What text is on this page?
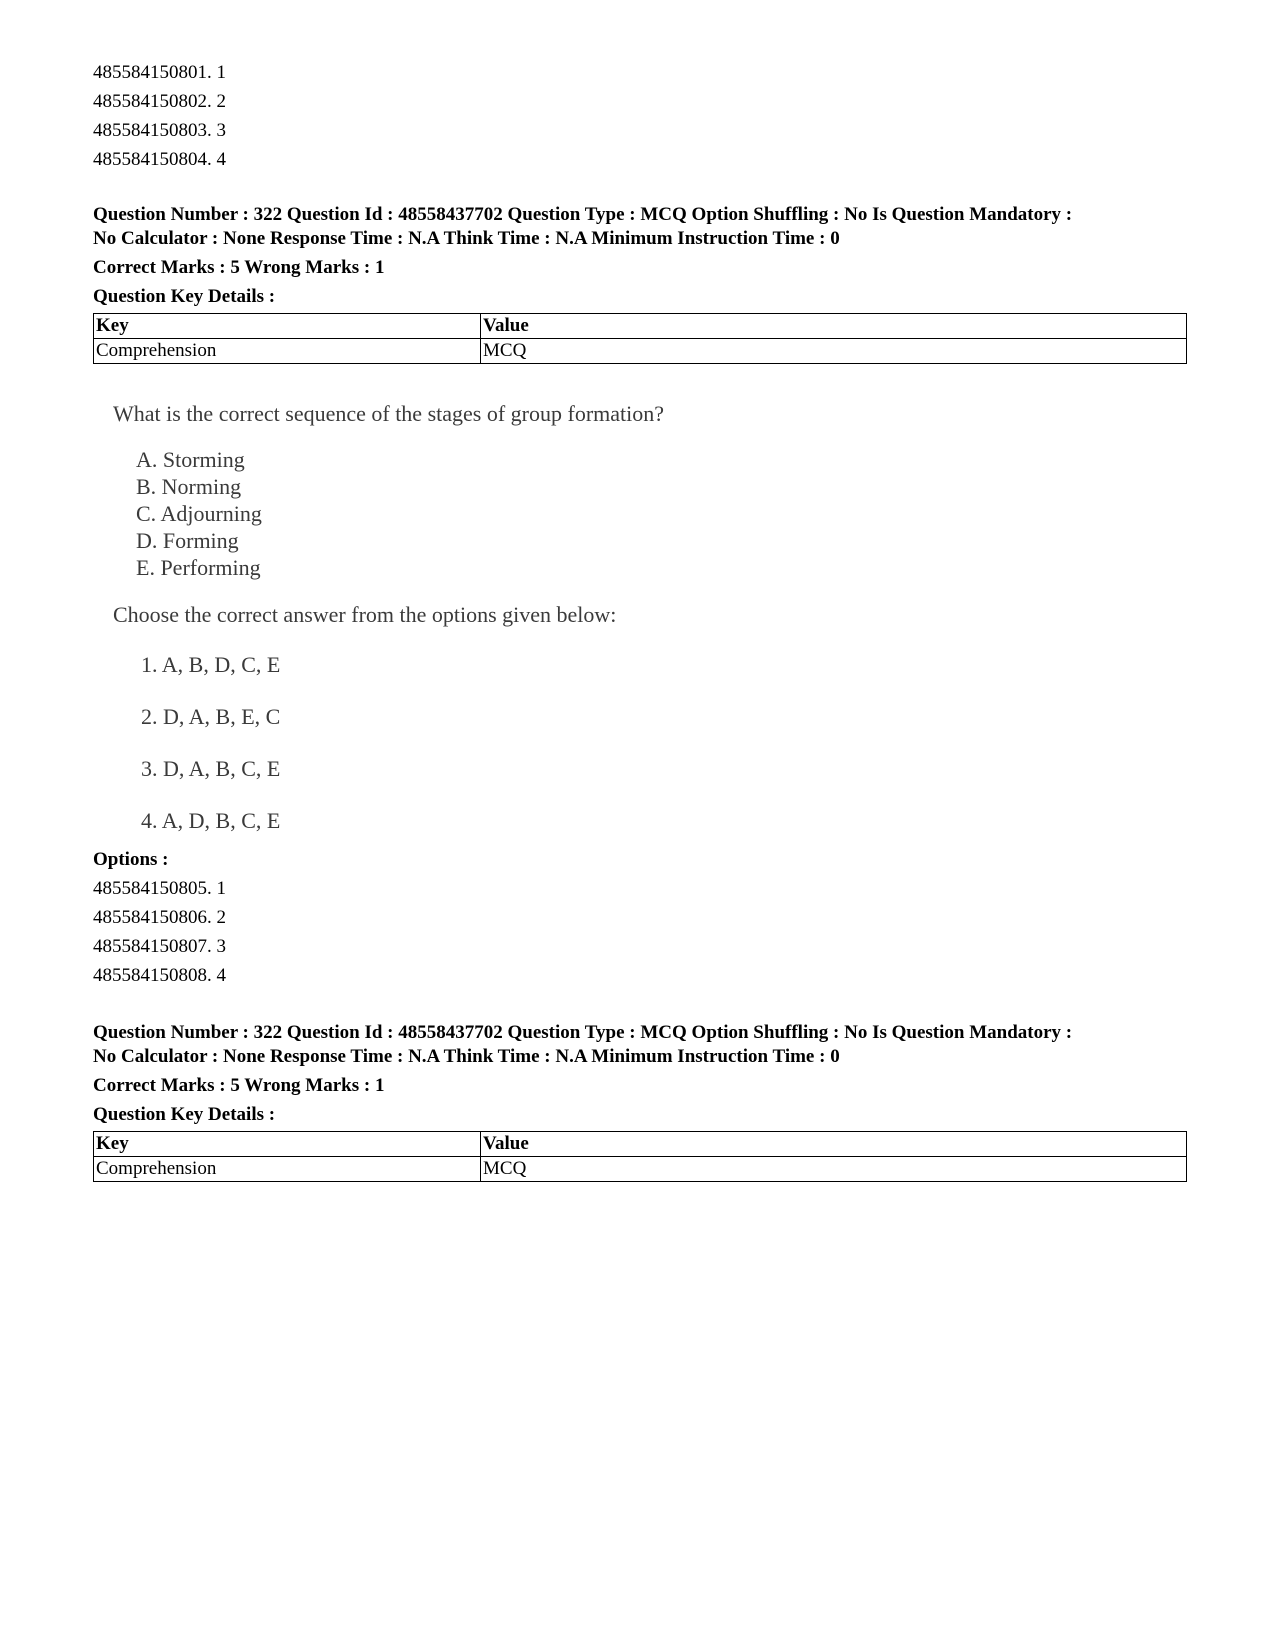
485584150801. 1
485584150802. 2
485584150803. 3
485584150804. 4
Question Number : 322 Question Id : 48558437702 Question Type : MCQ Option Shuffling : No Is Question Mandatory :
No Calculator : None Response Time : N.A Think Time : N.A Minimum Instruction Time : 0
Correct Marks : 5 Wrong Marks : 1
Question Key Details :
Key	Value
Comprehension	MCQ
What is the correct sequence of the stages of group formation?
A. Storming
B. Norming
C. Adjourning
D. Forming
E. Performing
Choose the correct answer from the options given below:
1. A, B, D, C, E
2. D, A, B, E, C
3. D, A, B, C, E
4. A, D, B, C, E
Options :
485584150805. 1
485584150806. 2
485584150807. 3
485584150808. 4
Question Number : 322 Question Id : 48558437702 Question Type : MCQ Option Shuffling : No Is Question Mandatory :
No Calculator : None Response Time : N.A Think Time : N.A Minimum Instruction Time : 0
Correct Marks : 5 Wrong Marks : 1
Question Key Details :
Key	Value
Comprehension	MCQ
